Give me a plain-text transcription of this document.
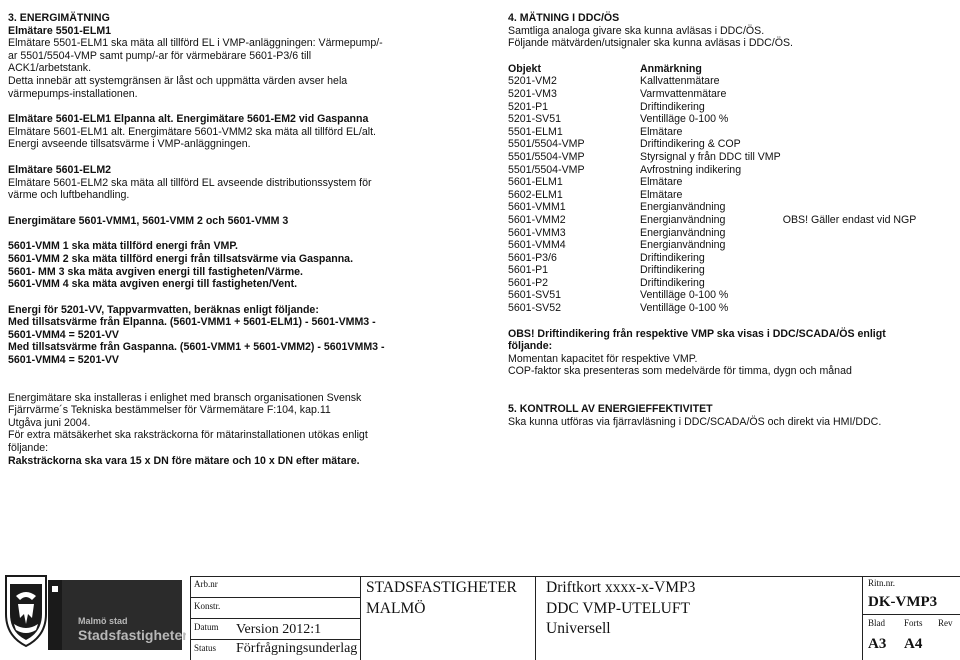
3. ENERGIMÄTNING
Elmätare 5501-ELM1
Elmätare 5501-ELM1 ska mäta all tillförd EL i VMP-anläggningen: Värmepump/-
ar 5501/5504-VMP samt pump/-ar för värmebärare 5601-P3/6 till
ACK1/arbetstank.
Detta innebär att systemgränsen är låst och uppmätta värden avser hela
värmepumps-installationen.
Elmätare 5601-ELM1 Elpanna alt. Energimätare 5601-EM2 vid Gaspanna
Elmätare 5601-ELM1 alt. Energimätare 5601-VMM2 ska mäta all tillförd EL/alt.
Energi avseende tillsatsvärme i VMP-anläggningen.
Elmätare 5601-ELM2
Elmätare 5601-ELM2 ska mäta all tillförd EL avseende distributionssystem för
värme och luftbehandling.
Energimätare 5601-VMM1, 5601-VMM 2 och 5601-VMM 3
5601-VMM 1 ska mäta tillförd energi från VMP.
5601-VMM 2 ska mäta tillförd energi från tillsatsvärme via Gaspanna.
5601- MM 3 ska mäta avgiven energi till fastigheten/Värme.
5601-VMM 4 ska mäta avgiven energi till fastigheten/Vent.
Energi för 5201-VV, Tappvarmvatten, beräknas enligt följande:
Med tillsatsvärme från Elpanna. (5601-VMM1 + 5601-ELM1) - 5601-VMM3 -
5601-VMM4 = 5201-VV
Med tillsatsvärme från Gaspanna. (5601-VMM1 + 5601-VMM2) - 5601VMM3 -
5601-VMM4 = 5201-VV
Energimätare ska installeras i enlighet med bransch organisationen Svensk
Fjärrvärme´s Tekniska bestämmelser för Värmemätare F:104, kap.11
Utgåva juni 2004.
För extra mätsäkerhet ska raksträckorna för mätarinstallationen utökas enligt
följande:
Raksträckorna ska vara 15 x DN före mätare och 10 x DN efter mätare.
4. MÄTNING I DDC/ÖS
Samtliga analoga givare ska kunna avläsas i DDC/ÖS.
Följande mätvärden/utsignaler ska kunna avläsas i DDC/ÖS.
Objekt	Anmärkning	
5201-VM2	Kallvattenmätare	
5201-VM3	Varmvattenmätare	
5201-P1	Driftindikering	
5201-SV51	Ventilläge 0-100 %	
5501-ELM1	Elmätare	
5501/5504-VMP	Driftindikering & COP	
5501/5504-VMP	Styrsignal y från DDC till VMP	
5501/5504-VMP	Avfrostning indikering	
5601-ELM1	Elmätare	
5602-ELM1	Elmätare	
5601-VMM1	Energianvändning	
5601-VMM2	Energianvändning	OBS! Gäller endast vid NGP
5601-VMM3	Energianvändning	
5601-VMM4	Energianvändning	
5601-P3/6	Driftindikering	
5601-P1	Driftindikering	
5601-P2	Driftindikering	
5601-SV51	Ventilläge 0-100 %	
5601-SV52	Ventilläge 0-100 %	
OBS! Driftindikering från respektive VMP ska visas i DDC/SCADA/ÖS enligt
följande:
Momentan kapacitet för respektive VMP.
COP-faktor ska presenteras som medelvärde för timma, dygn och månad
5. KONTROLL AV ENERGIEFFEKTIVITET
Ska kunna utföras via fjärravläsning i DDC/SCADA/ÖS och direkt via HMI/DDC.
Malmö stad
Stadsfastigheter
Arb.nr
Konstr.
Datum Version 2012:1
Status Förfrågningsunderlag
STADSFASTIGHETER
MALMÖ
Driftkort xxxx-x-VMP3
DDC VMP-UTELUFT
Universell
Ritn.nr.
DK-VMP3
Blad Forts Rev
A3 A4
